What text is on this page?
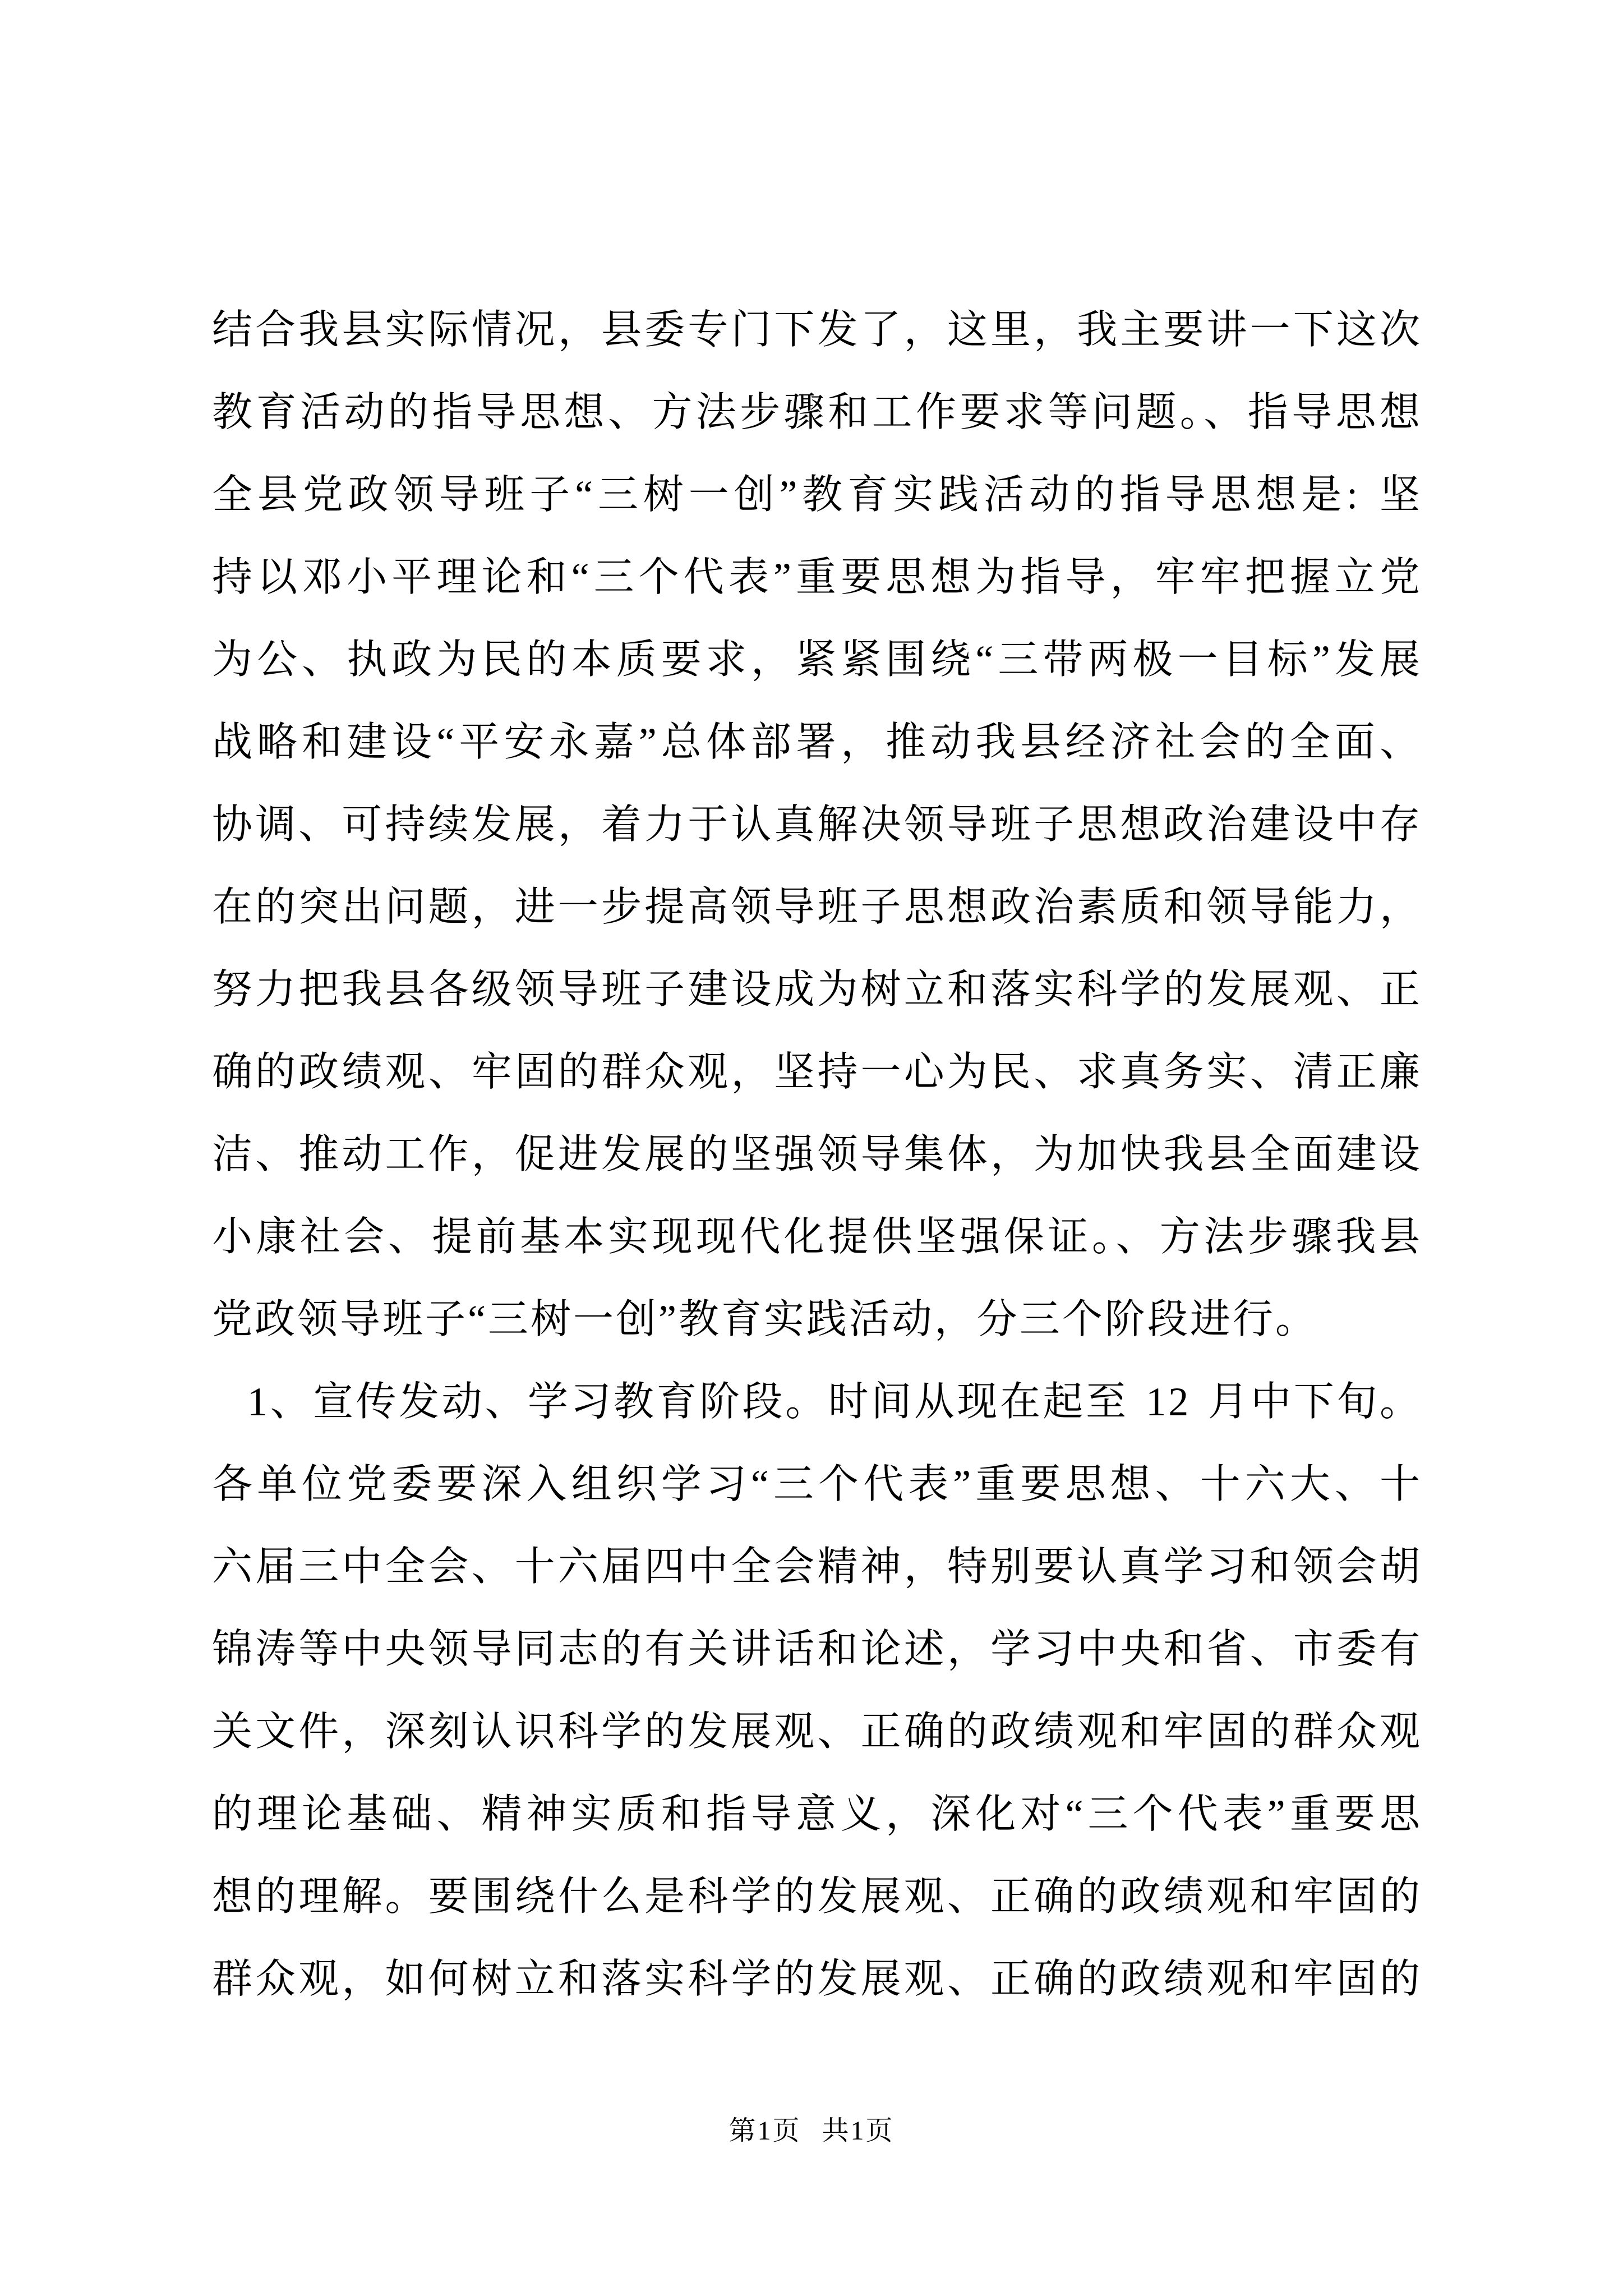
结合我县实际情况，县委专门下发了，这里，我主要讲一下这次
教育活动的指导思想、方法步骤和工作要求等问题。、指导思想
全县党政领导班子“三树一创”教育实践活动的指导思想是: 坚
持以邓小平理论和“三个代表”重要思想为指导，牢牢把握立党
为公、执政为民的本质要求，紧紧围绕“三带两极一目标”发展
战略和建设“平安永嘉”总体部署，推动我县经济社会的全面、
协调、可持续发展，着力于认真解决领导班子思想政治建设中存
在的突出问题，进一步提高领导班子思想政治素质和领导能力，
努力把我县各级领导班子建设成为树立和落实科学的发展观、正
确的政绩观、牢固的群众观，坚持一心为民、求真务实、清正廉
洁、推动工作，促进发展的坚强领导集体，为加快我县全面建设
小康社会、提前基本实现现代化提供坚强保证。、方法步骤我县
党政领导班子“三树一创”教育实践活动，分三个阶段进行。
1、宣传发动、学习教育阶段。时间从现在起至 12 月中下旬。
各单位党委要深入组织学习“三个代表”重要思想、十六大、十
六届三中全会、十六届四中全会精神，特别要认真学习和领会胡
锦涛等中央领导同志的有关讲话和论述，学习中央和省、市委有
关文件，深刻认识科学的发展观、正确的政绩观和牢固的群众观
的理论基础、精神实质和指导意义，深化对“三个代表”重要思
想的理解。要围绕什么是科学的发展观、正确的政绩观和牢固的
群众观，如何树立和落实科学的发展观、正确的政绩观和牢固的
第1页 共1页
